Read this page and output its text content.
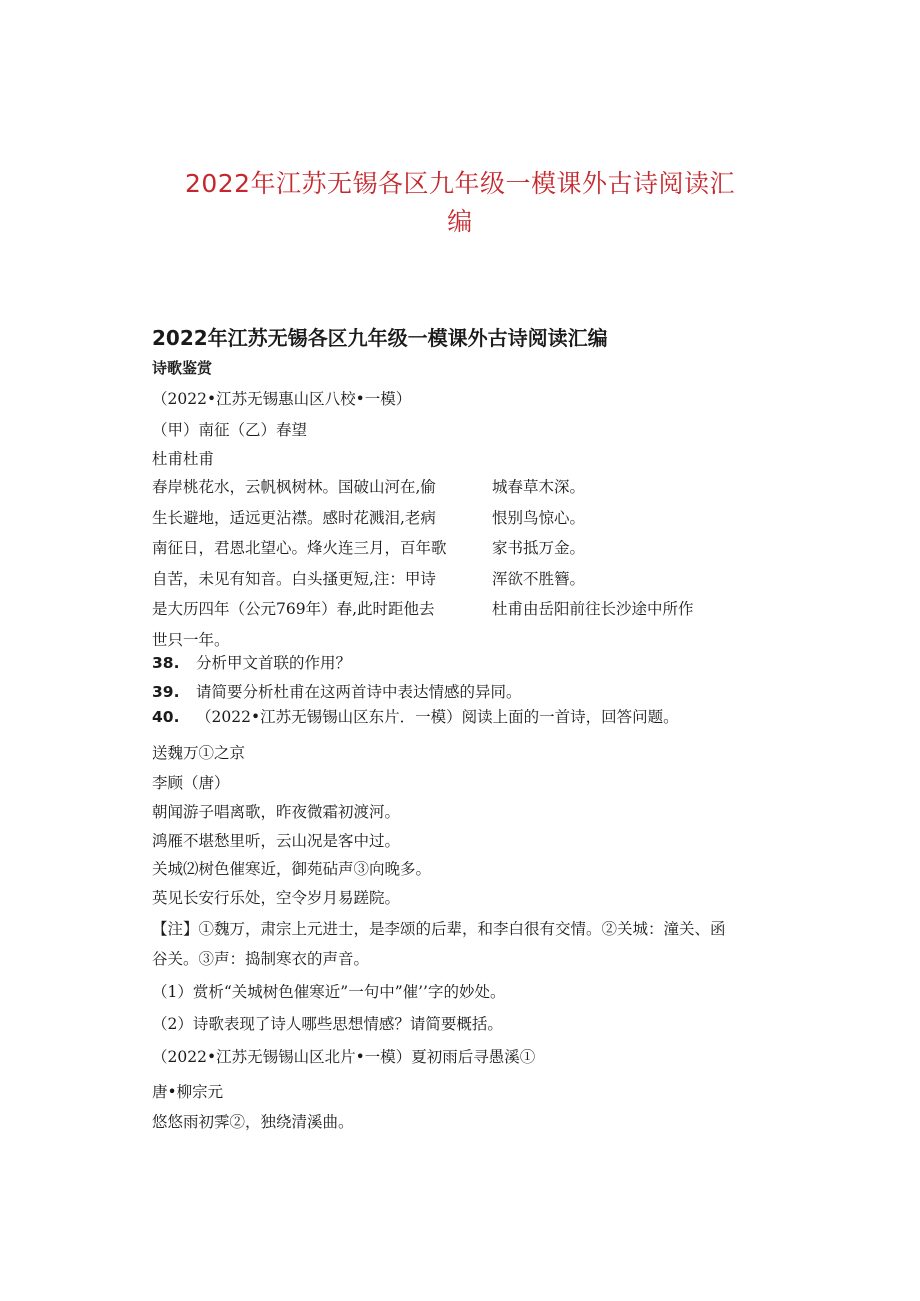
2022年江苏无锡各区九年级一模课外古诗阅读汇
编
2022年江苏无锡各区九年级一模课外古诗阅读汇编
诗歌鉴赏
（2022•江苏无锡惠山区八校•一模）
（甲）南征（乙）春望
杜甫杜甫
春岸桃花水，云帆枫树林。国破山河在,偷
生长避地，适远更沾襟。感时花溅泪,老病
南征日，君恩北望心。烽火连三月，百年歌
自苦，未见有知音。白头搔更短,注：甲诗
是大历四年（公元769年）春,此时距他去
世只一年。
城春草木深。
恨别鸟惊心。
家书抵万金。
浑欲不胜簪。
杜甫由岳阳前往长沙途中所作
38. 分析甲文首联的作用？
39. 请简要分析杜甫在这两首诗中表达情感的异同。
40. （2022•江苏无锡锡山区东片．一模）阅读上面的一首诗，回答问题。
送魏万①之京
李顾（唐）
朝闻游子唱离歌，昨夜微霜初渡河。
鸿雁不堪愁里听，云山况是客中过。
关城⑵树色催寒近，御苑砧声③向晚多。
英见长安行乐处，空令岁月易蹉院。
【注】①魏万，肃宗上元进士，是李颂的后辈，和李白很有交情。②关城：潼关、函谷关。③声：捣制寒衣的声音。
（1）赏析“关城树色催寒近”一句中”催’’字的妙处。
（2）诗歌表现了诗人哪些思想情感？请简要概括。
（2022•江苏无锡锡山区北片•一模）夏初雨后寻愚溪①
唐•柳宗元
悠悠雨初霁②，独绕清溪曲。
